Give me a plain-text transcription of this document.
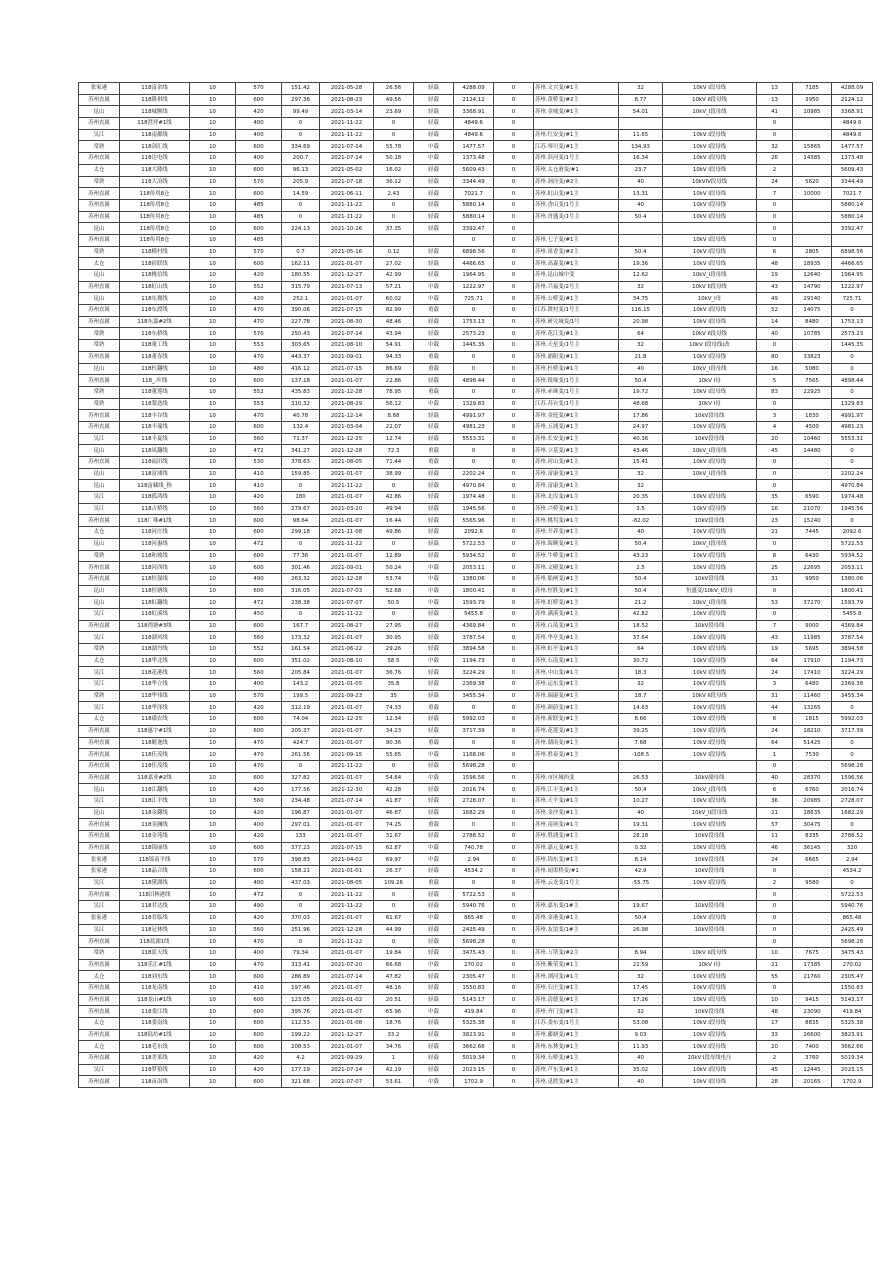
张家港	118富余线	10	570	151.42	2021-05-28	26.56	轻载	4288.09	0	苏州.文兴变/#1主	32	10kV I段母线	13	7185	4288.09
苏州直属	118隆祺线	10	600	297.36	2021-08-23	49.56	轻载	2124.12	0	苏州.黄桥变/#2主	8.77	10kV II段母线	13	3950	2124.12
昆山	118城额线	10	420	99.49	2021-03-14	23.69	轻载	3368.91	0	苏州.金城变/#1主	54.01	10kV_I段母线	41	10985	3368.91
苏州直属	118澄坪#1线	10	400	0	2021-11-22	0	轻载	4849.6	0				0		4849.6
吴江	118南都线	10	400	0	2021-11-22	0	轻载	4849.6	0	苏州.红安变/#1主	11.65	10kV I段母线	0		4849.6
常熟	118剑汇线	10	600	334.69	2021-07-14	55.78	中载	1477.57	0	江苏.琴川变/#1主	134.93	10kV I段母线	32	15865	1477.57
苏州直属	118达电线	10	400	200.7	2021-07-14	50.18	中载	1373.48	0	苏州.滨河变/1号主	16.34	10kV I段母线	26	14385	1373.48
太仓	118大隆线	10	600	96.13	2021-05-02	16.02	轻载	5609.43	0	苏州.太仓港变/#1	23.7	10kV I段母线	2		5609.43
常熟	118大冶线	10	570	205.9	2021-07-18	36.12	轻载	3344.49	0	苏州.洞泾变/#2主	40	10kVIV段母线	24	5620	3344.49
苏州直属	118传用8仓	10	600	14.59	2021-06-11	2.43	轻载	7021.7	0	苏州.虹山变/#1主	13.31	10kV I段母线	7	10000	7021.7
苏州直属	118传用8仓	10	485	0	2021-11-22	0	轻载	5880.14	0	苏州.香山变/1号主	40	10kV I段母线	0		5880.14
苏州直属	118传用8仓	10	485	0	2021-11-22	0	轻载	5880.14	0	苏州.胥盛变/1号主	50.4	10kV I段母线	0		5880.14
昆山	118传用8仓	10	600	224.13	2021-10-26	37.35	轻载	3392.47	0				0		3392.47
苏州直属	118传用8仓	10	485					0	0	苏州.七子变/#1主		10kV I段母线	0		
常熟	118模村线	10	570	0.7	2021-05-16	0.12	轻载	6898.56	0	苏州.祖香变/#2主	50.4	10kV I段母线	6	2805	6898.56
太仓	118宿联线	10	600	162.11	2021-01-07	27.02	轻载	4466.65	0	苏州.高森变/#1主	19.36	10kV I段母线	48	18935	4466.65
昆山	118桃信线	10	420	180.55	2021-12-27	42.99	轻载	1964.95	0	苏州.昆山城中变	12.62	10kV_I段母线	19	12640	1964.95
苏州直属	118虹山线	10	552	315.79	2021-07-13	57.21	中载	1222.97	0	苏州.兴福变/2号主	32	10kV II段母线	43	14790	1222.97
昆山	118东拥线	10	420	252.1	2021-01-07	60.02	中载	725.71	0	苏州.公桥变/#1主	34.75	10kV_I母	49	29140	725.71
苏州直属	118东渡线	10	470	390.06	2021-07-15	82.99	重载	0	0	江苏.渡村变/1号主	116.15	10kV I段母线	52	14075	0
苏州直属	118东嘉#2线	10	470	227.78	2021-08-30	48.46	轻载	1753.13	0	苏州.研究城变/1号	20.98	10kV I段母线	14	8480	1753.13
常熟	118东桥线	10	570	250.43	2021-07-14	43.94	轻载	2573.23	0	苏州.花江变/#1主	64	10kV II段母线	40	10785	2573.23
常熟	118董工线	10	553	303.65	2021-08-10	54.91	中载	1445.35	0	苏州.天星变/1号主	32	10kV I段母线(改	0		1445.35
苏州直属	118董春线	10	470	443.37	2021-09-01	94.33	重载	0	0	苏州.浦阳变/#1主	21.8	10kV I段母线	80	33823	0
昆山	118杜翻线	10	480	416.12	2021-07-15	86.69	重载	0	0	苏州.杜桥变/#1主	40	10kV_I段母线	16	5080	0
苏州直属	118_.叶线	10	600	137.18	2021-01-07	22.86	轻载	4898.44	0	苏州.锐缘变/1号主	50.4	10kV I母	5	7565	4898.44
常熟	118董莲线	10	552	435.83	2021-12-28	78.95	重载	0	0	苏州.赤珠变/1号主	19.72	10kV I段母线	83	22925	0
常熟	118梨迭线	10	553	310.32	2021-08-29	56.12	中载	1329.83	0	江苏.苏台变/1号主	48.68	10kV I母	0		1329.83
苏州直属	118丰谷线	10	470	40.78	2021-12-14	8.68	轻载	4991.97	0	苏州.金庭变/#1主	17.86	10kV段母线	3	1830	4991.97
苏州直属	118丰瑞线	10	600	132.4	2021-03-04	22.07	轻载	4981.23	0	苏州.五浦变/#1主	24.97	10kV I段母线	4	4500	4981.23
吴江	118丰夏线	10	560	71.37	2021-12-25	12.74	轻载	5553.31	0	苏州.长安变/#1主	40.36	10kV段母线	20	10460	5553.31
昆山	118凤翻线	10	472	341.27	2021-12-28	72.3	重载	0	0	苏州.立基变/#1主	43.46	10kV_I段母线	45	14480	0
苏州直属	118福田线	10	530	378.63	2021-08-05	71.44	重载	0	0	苏州.河山变/#1主	15.41	10kV I段母线	0		0
昆山	118富浦线	10	410	159.85	2021-01-07	38.99	轻载	2202.24	0	苏州.富康变/#1主	32	10kV_I段母线	0		2202.24
昆山	118富藏线_指	10	410	0	2021-11-22	0	轻载	4970.84	0	苏州.富康变/#1主	32		0		4970.84
吴江	118孤鸿线	10	420	180	2021-01-07	42.86	轻载	1974.48	0	苏州.北库变/#1主	20.35	10kV I段母线	35	6590	1974.48
吴江	118古桥线	10	560	279.67	2021-03-20	49.94	轻载	1945.56	0	苏州.兴桥变/#1主	3.5	10kV I段母线	16	21070	1945.56
苏州直属	118广珠#1线	10	600	98.64	2021-01-07	16.44	轻载	5565.96	0	苏州.桃坞变/#1主	-82.02	10kV段母线	23	15240	0
太仓	118河庄线	10	600	299.18	2021-11-08	49.86	轻载	2092.6	0	苏州.开养变/#1主	40	10kV I段母线	21	7445	2092.6
昆山	118河惠线	10	472	0	2021-11-22	0	轻载	5722.53	0	苏州.海腾变/#1主	50.4	10kV_I段母线	0		5722.53
常熟	118和坡线	10	600	77.36	2021-01-07	12.89	轻载	5934.52	0	苏州.牛桥变/#1主	43.23	10kV I段母线	8	6430	5934.52
苏州直属	118河西线	10	600	301.46	2021-09-01	50.24	中载	2053.11	0	苏州.文殿变/#1主	2.5	10kV I段母线	25	22695	2053.11
苏州直属	118恒强线	10	490	263.32	2021-12-28	53.74	中载	1380.06	0	苏州.船闸变/#1主	50.4	10kV段母线	31	9950	1380.06
昆山	118恒塘线	10	600	316.05	2021-07-03	52.68	中载	1800.41	0	苏州.恒胜变/#1主	50.4	恒盛变/10kV_I段母	0		1800.41
昆山	118虹翻线	10	472	238.38	2021-07-07	50.5	中载	1593.79	0	苏州.虹桥变/#1主	21.2	10kV_I段母线	53	37270	1593.79
吴江	118虹溪线	10	450	0	2021-11-22	0	轻载	5455.8	0	苏州.满溪变/#1主	42.82	10kV I段母线	0		5455.8
苏州直属	118湾塘#3线	10	600	167.7	2021-08-27	27.95	轻载	4369.84	0	苏州.白荡变/#1主	18.52	10kV段母线	7	9000	4369.84
吴江	118湖风线	10	560	173.32	2021-01-07	30.95	轻载	3787.54	0	苏州.华亭变/#1主	37.64	10kV I段母线	43	11985	3787.54
常熟	118湖丹线	10	552	161.54	2021-06-22	29.26	轻载	3894.58	0	苏州.虹亭变/#1主	64	10kV I段母线	19	5695	3894.58
太仓	118华北线	10	600	351.02	2021-08-10	58.5	中载	1194.73	0	苏州.石南变/#1主	30.72	10kV I段母线	64	17910	1194.73
吴江	118花港线	10	560	205.84	2021-01-07	36.76	轻载	3224.29	0	苏州.中山变/#1主	18.3	10kV I段母线	24	17410	3224.29
吴江	118华立线	10	400	143.2	2021-01-05	35.8	轻载	2369.38	0	苏州.运东变/#1主	32	10kV I段母线	3	6480	2369.38
常熟	118华伟线	10	570	199.5	2021-09-23	35	轻载	3455.34	0	苏州.瑞康变/#1主	18.7	10kV II段母线	31	11460	3455.34
吴江	118华泽线	10	420	312.19	2021-01-07	74.33	重载	0	0	苏州.颜蔚变/#1主	14.63	10kV I段母线	44	13265	0
太仓	118璜农线	10	600	74.04	2021-12-25	12.34	轻载	5992.03	0	苏州.新联变/#1主	8.66	10kV I段母线	6	1815	5992.03
苏州直属	118惠宇#1线	10	600	205.37	2021-01-07	34.23	轻载	3717.39	0	苏州.花莲变/#1主	39.25	10kV I段母线	24	18210	3717.39
苏州直属	118姬逸线	10	470	424.7	2021-01-07	90.36	重载	0	0	苏州.湖南变/#1主	7.68	10kV I段母线	64	51425	0
苏州直属	118佳茂线	10	470	261.56	2021-09-15	55.65	中载	1168.06	0	苏州.胜泰变/#1主	-108.5	10kV I段母线	1	7530	0
苏州直属	118佳茂线	10	470	0	2021-11-22	0	轻载	5698.28	0				0		5698.28
苏州直属	118嘉业#2线	10	600	327.82	2021-01-07	54.64	中载	1596.56	0	苏州.市区城西变	26.53	10kV副母线	40	28370	1596.56
昆山	118江翻线	10	420	177.56	2021-12-30	42.28	轻载	2016.74	0	苏州.江丰变/#1主	50.4	10kV_I段母线	6	6760	2016.74
吴江	118江平线	10	560	234.48	2021-07-14	41.87	轻载	2728.07	0	苏州.天平变/#1主	10.27	10kV I段母线	36	20985	2728.07
昆山	118金翻线	10	420	196.87	2021-01-07	46.87	轻载	1682.29	0	苏州.金沙变/#1主	40	10kV_II段母线	21	18635	1682.29
苏州直属	118金澜线	10	400	297.01	2021-01-07	74.25	重载	0	0	苏州.南场变/#1主	19.31	10kV I段母线	57	30475	0
苏州直属	118金苑线	10	420	133	2021-01-07	31.67	轻载	2788.52	0	苏州.胜浦变/#1主	28.18	10kV段母线	11	8335	2788.52
苏州直属	118锦丽线	10	600	377.23	2021-07-15	62.87	中载	740.78	0	苏州.嘉元变/#1主	0.32	10kV I段母线	46	36145	320
张家港	118锦南平线	10	570	398.83	2021-04-02	69.97	中载	2.94	0	苏州.锦东变/#1主	8.14	10kV段母线	24	6665	2.94
张家港	118晶合线	10	600	158.21	2021-01-01	26.37	轻载	4534.2	0	苏州.闻渠桥变/#1	42.9	10kV段母线	0		4534.2
吴江	118黛湖线	10	400	437.03	2021-08-05	109.26	重载	0	0	苏州.云龙变/1号主	-55.75	10kV I段母线	2	9580	0
苏州直属	118旧林港线	10	472	0	2021-11-22	0	轻载	5722.53	0				0		5722.53
吴江	118君达线	10	490	0	2021-11-22	0	轻载	5940.76	0	苏州.嘉东变/1#主	19.67	10kV段母线	0		5940.76
张家港	118君临线	10	420	370.03	2021-01-07	61.67	中载	865.48	0	苏州.金港变/#1主	50.4	10kV I段母线	0		865.48
吴江	118冠林线	10	560	251.96	2021-12-28	44.99	轻载	2425.49	0	苏州.友谊变/1#主	26.98	10kV段母线	0		2425.49
苏州直属	118蓝湖1线	10	470	0	2021-11-22	0	轻载	5698.28	0				0		5698.28
常熟	118蓝天线	10	400	79.34	2021-01-07	19.84	轻载	3475.43	0	苏州.万塔变/#2主	8.94	10kV II段母线	10	7675	3475.43
苏州直属	118乐汇#1线	10	470	313.41	2021-07-20	66.68	中载	270.02	0	苏州.紫荣变/#1主	22.59	10kV I母	21	17385	270.02
太仓	118刘东线	10	600	286.89	2021-07-14	47.82	轻载	2305.47	0	苏州.浏河变/#1主	32	10kV I段母线	55	21760	2305.47
苏州直属	118龙南线	10	410	197.46	2021-01-07	48.16	轻载	1550.83	0	苏州.石庄变/#1主	17.45	10kV I段母线	0		1550.83
苏州直属	118龙山#1线	10	600	123.05	2021-01-02	20.51	轻载	5143.17	0	苏州.清德变/#1主	17.26	10kV I段母线	10	9415	5143.17
苏州直属	118娄江线	10	600	395.76	2021-01-07	65.96	中载	419.84	0	苏州.齐门变/#1主	32	10kV段母线	48	23090	419.84
太仓	118娄南线	10	600	112.53	2021-01-08	18.76	轻载	5325.38	0	江苏.娄东变/1号主	53.08	10kV I段母线	17	8835	5325.38
苏州直属	118陆坊#1线	10	600	199.22	2021-12-27	33.2	轻载	3823.91	0	苏州.藤塘变/#1主	9.03	10kV I段母线	33	26600	3823.91
太仓	118毛东线	10	600	208.53	2021-01-07	34.76	轻载	3662.66	0	苏州.东林变/#1主	11.93	10kV I段母线	20	7400	3662.66
苏州直属	118美莱线	10	420	4.2	2021-09-29	1	轻载	5019.34	0	苏州.石桥变/#1主	40	10kV I段母线电压	2	3760	5019.34
吴江	118梦狼线	10	420	177.19	2021-07-14	42.19	轻载	2023.15	0	苏州.芦东变/#1主	35.02	10kV I段母线	45	12445	2023.15
苏州直属	118苗南线	10	600	321.68	2021-07-07	53.61	中载	1702.9	0	苏州.觅渡变/#1主	40	10kV I段母线	28	20165	1702.9
